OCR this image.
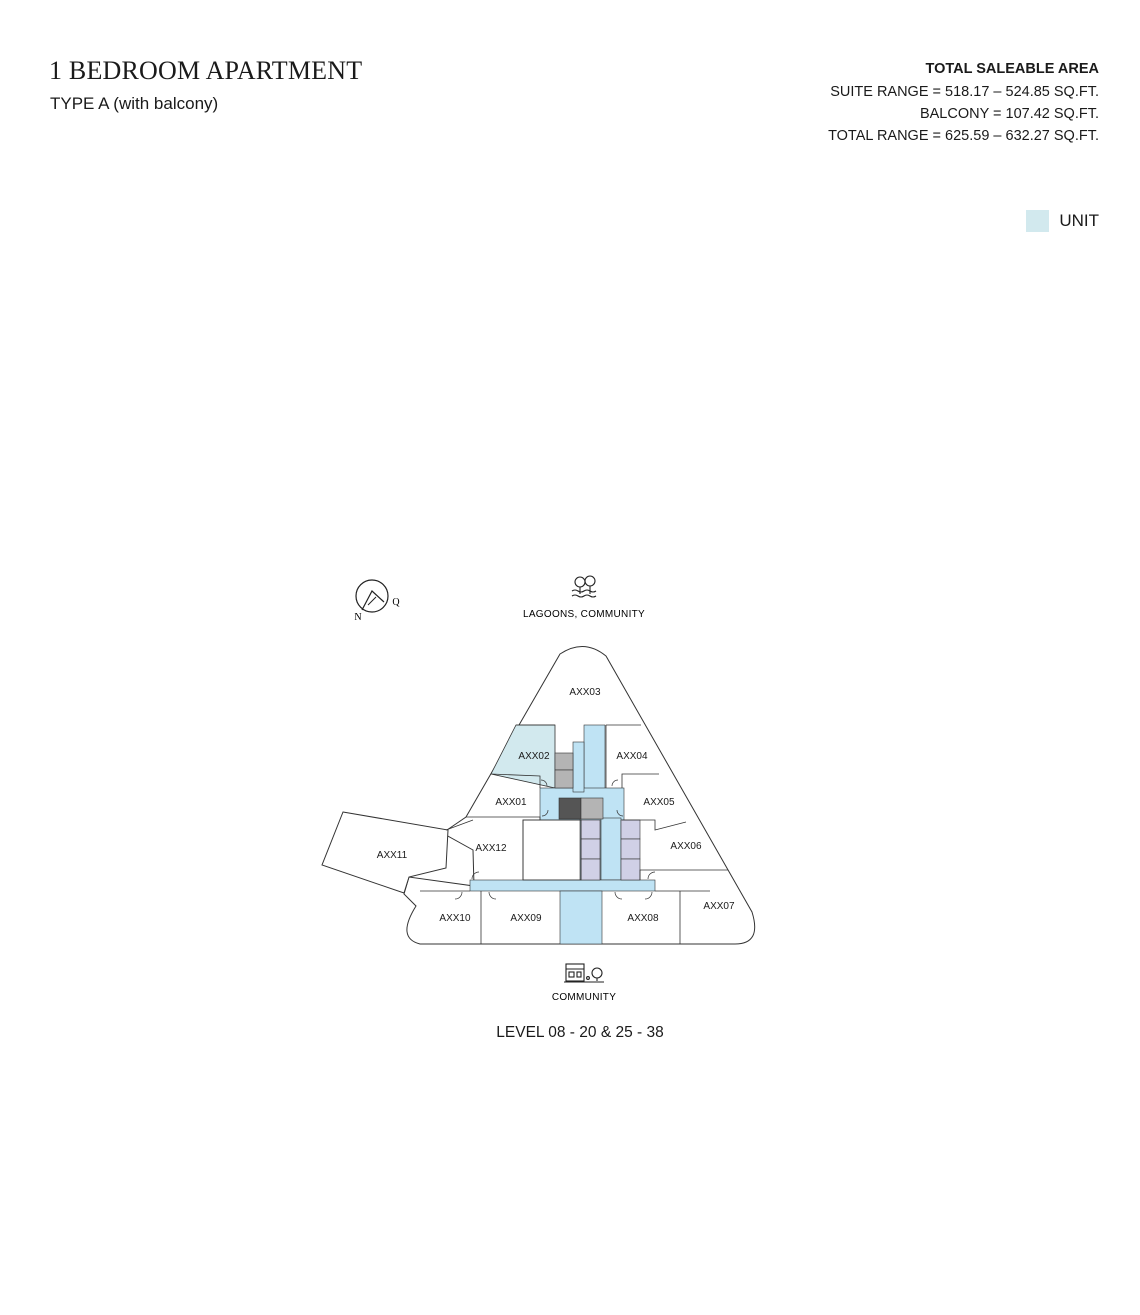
1 BEDROOM APARTMENT
TYPE A (with balcony)
TOTAL SALEABLE AREA
SUITE RANGE = 518.17 – 524.85 SQ.FT.
BALCONY = 107.42 SQ.FT.
TOTAL RANGE = 625.59 – 632.27 SQ.FT.
UNIT
N
Q
LAGOONS, COMMUNITY
AXX03
AXX02	AXX04
AXX01	AXX05
AXX12	AXX06
AXX11
AXX07
AXX10	AXX09	AXX08
COMMUNITY
LEVEL 08 - 20 & 25 - 38
